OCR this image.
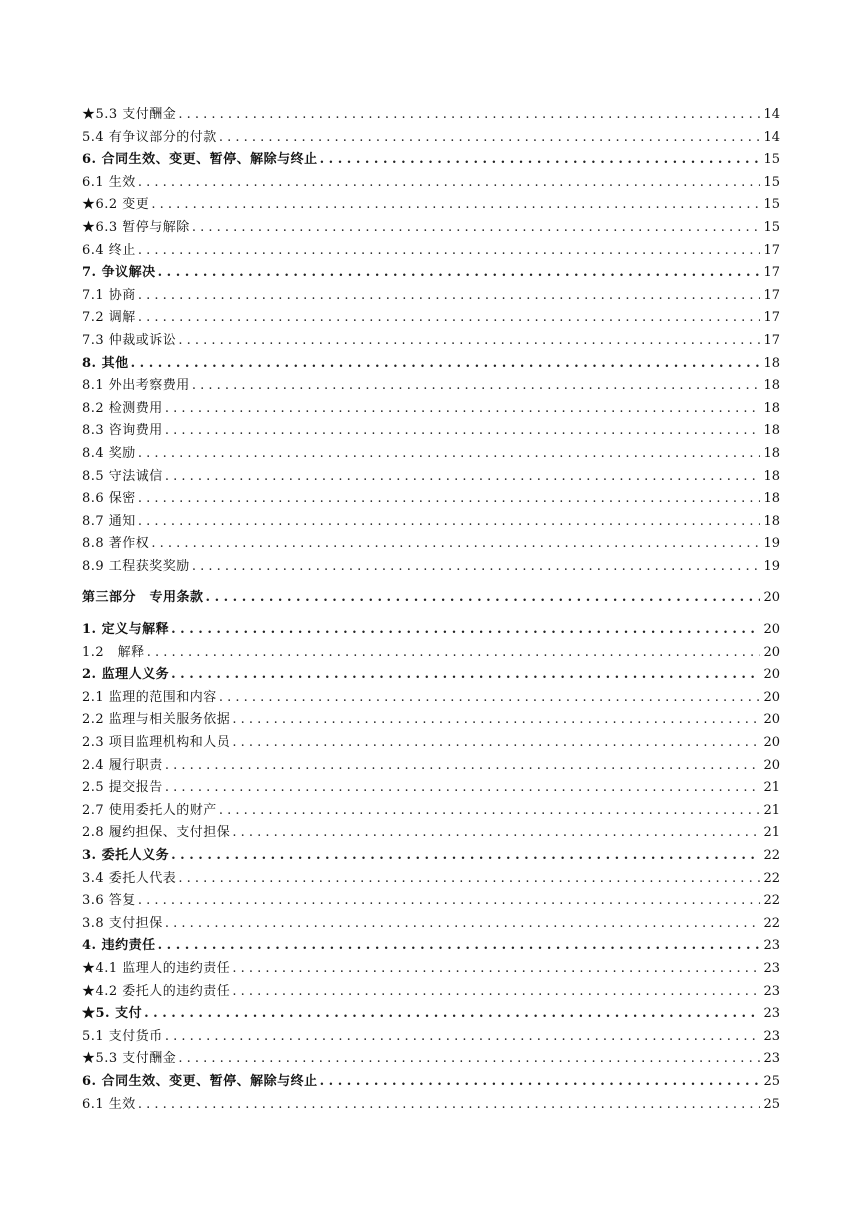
★5.3 支付酬金 . . .	14
5.4 有争议部分的付款 . . .	14
6. 合同生效、变更、暂停、解除与终止 . . .	15
6.1 生效 . . .	15
★6.2 变更 . . .	15
★6.3 暂停与解除 . . .	15
6.4 终止 . . .	17
7. 争议解决 . . .	17
7.1 协商 . . .	17
7.2 调解 . . .	17
7.3 仲裁或诉讼 . . .	17
8. 其他 . . .	18
8.1 外出考察费用 . . .	18
8.2 检测费用 . . .	18
8.3 咨询费用 . . .	18
8.4 奖励 . . .	18
8.5 守法诚信 . . .	18
8.6 保密 . . .	18
8.7 通知 . . .	18
8.8 著作权 . . .	19
8.9 工程获奖奖励 . . .	19
第三部分　专用条款 . . .	20
1. 定义与解释 . . .	20
1.2　解释 . . .	20
2. 监理人义务 . . .	20
2.1 监理的范围和内容 . . .	20
2.2 监理与相关服务依据 . . .	20
2.3 项目监理机构和人员 . . .	20
2.4 履行职责 . . .	20
2.5 提交报告 . . .	21
2.7 使用委托人的财产 . . .	21
2.8 履约担保、支付担保 . . .	21
3. 委托人义务 . . .	22
3.4 委托人代表 . . .	22
3.6 答复 . . .	22
3.8 支付担保 . . .	22
4. 违约责任 . . .	23
★4.1 监理人的违约责任 . . .	23
★4.2 委托人的违约责任 . . .	23
★5. 支付 . . .	23
5.1 支付货币 . . .	23
★5.3 支付酬金 . . .	23
6. 合同生效、变更、暂停、解除与终止 . . .	25
6.1 生效 . . .	25
